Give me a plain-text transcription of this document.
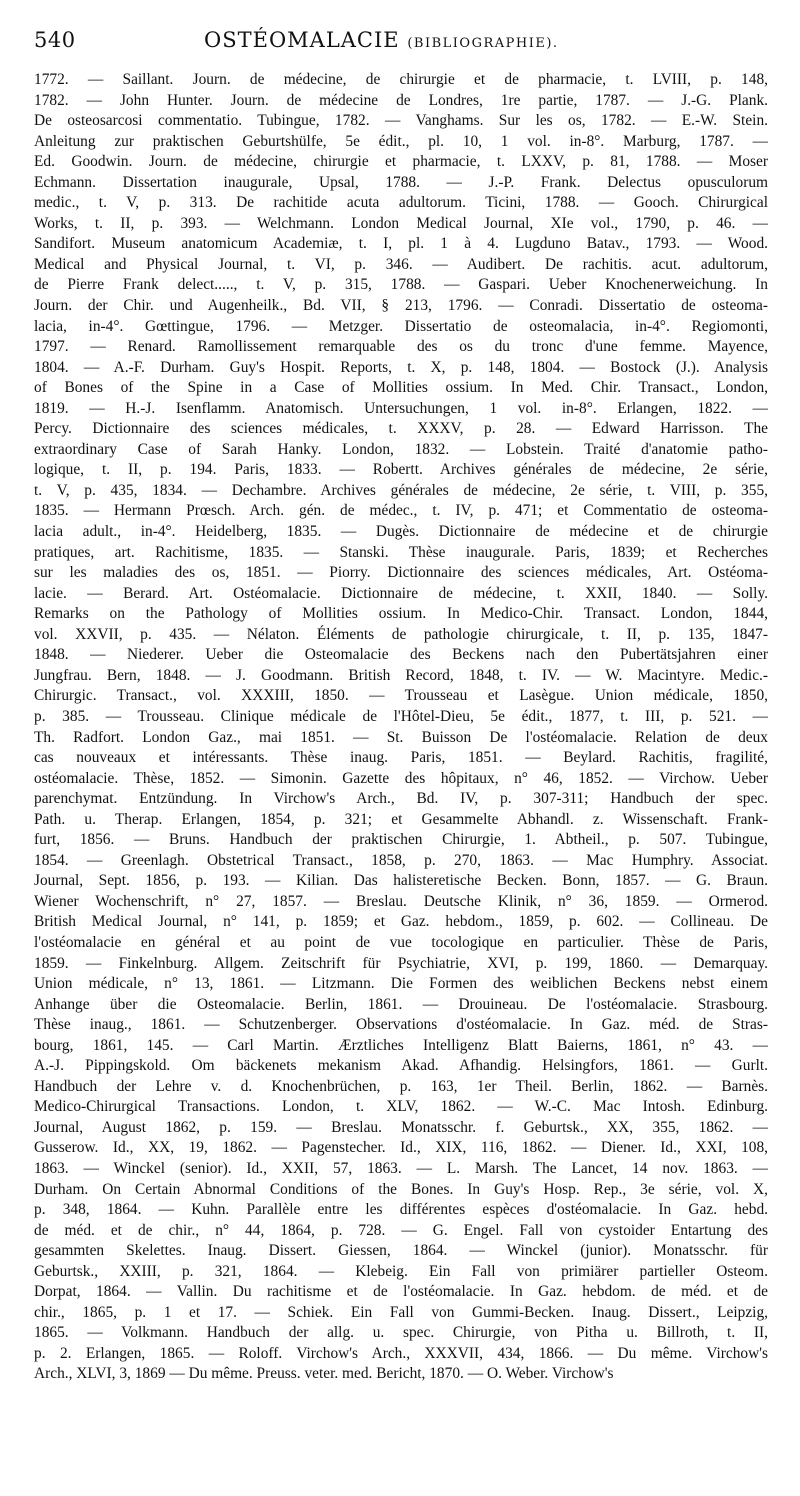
540	OSTÉOMALACIE (BIBLIOGRAPHIE).
1772. — Saillant. Journ. de médecine, de chirurgie et de pharmacie, t. LVIII, p. 148,
1782. — John Hunter. Journ. de médecine de Londres, 1re partie, 1787. — J.-G. Plank.
De osteosarcosi commentatio. Tubingue, 1782. — Vanghams. Sur les os, 1782. — E.-W. Stein.
Anleitung zur praktischen Geburtshülfe, 5e édit., pl. 10, 1 vol. in-8°. Marburg, 1787. —
Ed. Goodwin. Journ. de médecine, chirurgie et pharmacie, t. LXXV, p. 81, 1788. — Moser
Echmann. Dissertation inaugurale, Upsal, 1788. — J.-P. Frank. Delectus opusculorum
medic., t. V, p. 313. De rachitide acuta adultorum. Ticini, 1788. — Gooch. Chirurgical
Works, t. II, p. 393. — Welchmann. London Medical Journal, XIe vol., 1790, p. 46. —
Sandifort. Museum anatomicum Academiæ, t. I, pl. 1 à 4. Lugduno Batav., 1793. — Wood.
Medical and Physical Journal, t. VI, p. 346. — Audibert. De rachitis. acut. adultorum,
de Pierre Frank delect....., t. V, p. 315, 1788. — Gaspari. Ueber Knochenerweichung. In
Journ. der Chir. und Augenheilk., Bd. VII, § 213, 1796. — Conradi. Dissertatio de osteoma-
lacia, in-4°. Gœttingue, 1796. — Metzger. Dissertatio de osteomalacia, in-4°. Regiomonti,
1797. — Renard. Ramollissement remarquable des os du tronc d'une femme. Mayence,
1804. — A.-F. Durham. Guy's Hospit. Reports, t. X, p. 148, 1804. — Bostock (J.). Analysis
of Bones of the Spine in a Case of Mollities ossium. In Med. Chir. Transact., London,
1819. — H.-J. Isenflamm. Anatomisch. Untersuchungen, 1 vol. in-8°. Erlangen, 1822. —
Percy. Dictionnaire des sciences médicales, t. XXXV, p. 28. — Edward Harrisson. The
extraordinary Case of Sarah Hanky. London, 1832. — Lobstein. Traité d'anatomie patho-
logique, t. II, p. 194. Paris, 1833. — Robertt. Archives générales de médecine, 2e série,
t. V, p. 435, 1834. — Dechambre. Archives générales de médecine, 2e série, t. VIII, p. 355,
1835. — Hermann Prœsch. Arch. gén. de médec., t. IV, p. 471; et Commentatio de osteoma-
lacia adult., in-4°. Heidelberg, 1835. — Dugès. Dictionnaire de médecine et de chirurgie
pratiques, art. Rachitisme, 1835. — Stanski. Thèse inaugurale. Paris, 1839; et Recherches
sur les maladies des os, 1851. — Piorry. Dictionnaire des sciences médicales, Art. Ostéoma-
lacie. — Berard. Art. Ostéomalacie. Dictionnaire de médecine, t. XXII, 1840. — Solly.
Remarks on the Pathology of Mollities ossium. In Medico-Chir. Transact. London, 1844,
vol. XXVII, p. 435. — Nélaton. Éléments de pathologie chirurgicale, t. II, p. 135, 1847-
1848. — Niederer. Ueber die Osteomalacie des Beckens nach den Pubertätsjahren einer
Jungfrau. Bern, 1848. — J. Goodmann. British Record, 1848, t. IV. — W. Macintyre. Medic.-
Chirurgic. Transact., vol. XXXIII, 1850. — Trousseau et Lasègue. Union médicale, 1850,
p. 385. — Trousseau. Clinique médicale de l'Hôtel-Dieu, 5e édit., 1877, t. III, p. 521. —
Th. Radfort. London Gaz., mai 1851. — St. Buisson De l'ostéomalacie. Relation de deux
cas nouveaux et intéressants. Thèse inaug. Paris, 1851. — Beylard. Rachitis, fragilité,
ostéomalacie. Thèse, 1852. — Simonin. Gazette des hôpitaux, n° 46, 1852. — Virchow. Ueber
parenchymat. Entzündung. In Virchow's Arch., Bd. IV, p. 307-311; Handbuch der spec.
Path. u. Therap. Erlangen, 1854, p. 321; et Gesammelte Abhandl. z. Wissenschaft. Frank-
furt, 1856. — Bruns. Handbuch der praktischen Chirurgie, 1. Abtheil., p. 507. Tubingue,
1854. — Greenlagh. Obstetrical Transact., 1858, p. 270, 1863. — Mac Humphry. Associat.
Journal, Sept. 1856, p. 193. — Kilian. Das halisteretische Becken. Bonn, 1857. — G. Braun.
Wiener Wochenschrift, n° 27, 1857. — Breslau. Deutsche Klinik, n° 36, 1859. — Ormerod.
British Medical Journal, n° 141, p. 1859; et Gaz. hebdom., 1859, p. 602. — Collineau. De
l'ostéomalacie en général et au point de vue tocologique en particulier. Thèse de Paris,
1859. — Finkelnburg. Allgem. Zeitschrift für Psychiatrie, XVI, p. 199, 1860. — Demarquay.
Union médicale, n° 13, 1861. — Litzmann. Die Formen des weiblichen Beckens nebst einem
Anhange über die Osteomalacie. Berlin, 1861. — Drouineau. De l'ostéomalacie. Strasbourg.
Thèse inaug., 1861. — Schutzenberger. Observations d'ostéomalacie. In Gaz. méd. de Stras-
bourg, 1861, 145. — Carl Martin. Ærztliches Intelligenz Blatt Baierns, 1861, n° 43. —
A.-J. Pippingskold. Om bäckenets mekanism Akad. Afhandig. Helsingfors, 1861. — Gurlt.
Handbuch der Lehre v. d. Knochenbrüchen, p. 163, 1er Theil. Berlin, 1862. — Barnès.
Medico-Chirurgical Transactions. London, t. XLV, 1862. — W.-C. Mac Intosh. Edinburg.
Journal, August 1862, p. 159. — Breslau. Monatsschr. f. Geburtsk., XX, 355, 1862. —
Gusserow. Id., XX, 19, 1862. — Pagenstecher. Id., XIX, 116, 1862. — Diener. Id., XXI, 108,
1863. — Winckel (senior). Id., XXII, 57, 1863. — L. Marsh. The Lancet, 14 nov. 1863. —
Durham. On Certain Abnormal Conditions of the Bones. In Guy's Hosp. Rep., 3e série, vol. X,
p. 348, 1864. — Kuhn. Parallèle entre les différentes espèces d'ostéomalacie. In Gaz. hebd.
de méd. et de chir., n° 44, 1864, p. 728. — G. Engel. Fall von cystoider Entartung des
gesammten Skelettes. Inaug. Dissert. Giessen, 1864. — Winckel (junior). Monatsschr. für
Geburtsk., XXIII, p. 321, 1864. — Klebeig. Ein Fall von primiärer partieller Osteom.
Dorpat, 1864. — Vallin. Du rachitisme et de l'ostéomalacie. In Gaz. hebdom. de méd. et de
chir., 1865, p. 1 et 17. — Schiek. Ein Fall von Gummi-Becken. Inaug. Dissert., Leipzig,
1865. — Volkmann. Handbuch der allg. u. spec. Chirurgie, von Pitha u. Billroth, t. II,
p. 2. Erlangen, 1865. — Roloff. Virchow's Arch., XXXVII, 434, 1866. — Du même. Virchow's
Arch., XLVI, 3, 1869 — Du même. Preuss. veter. med. Bericht, 1870. — O. Weber. Virchow's
